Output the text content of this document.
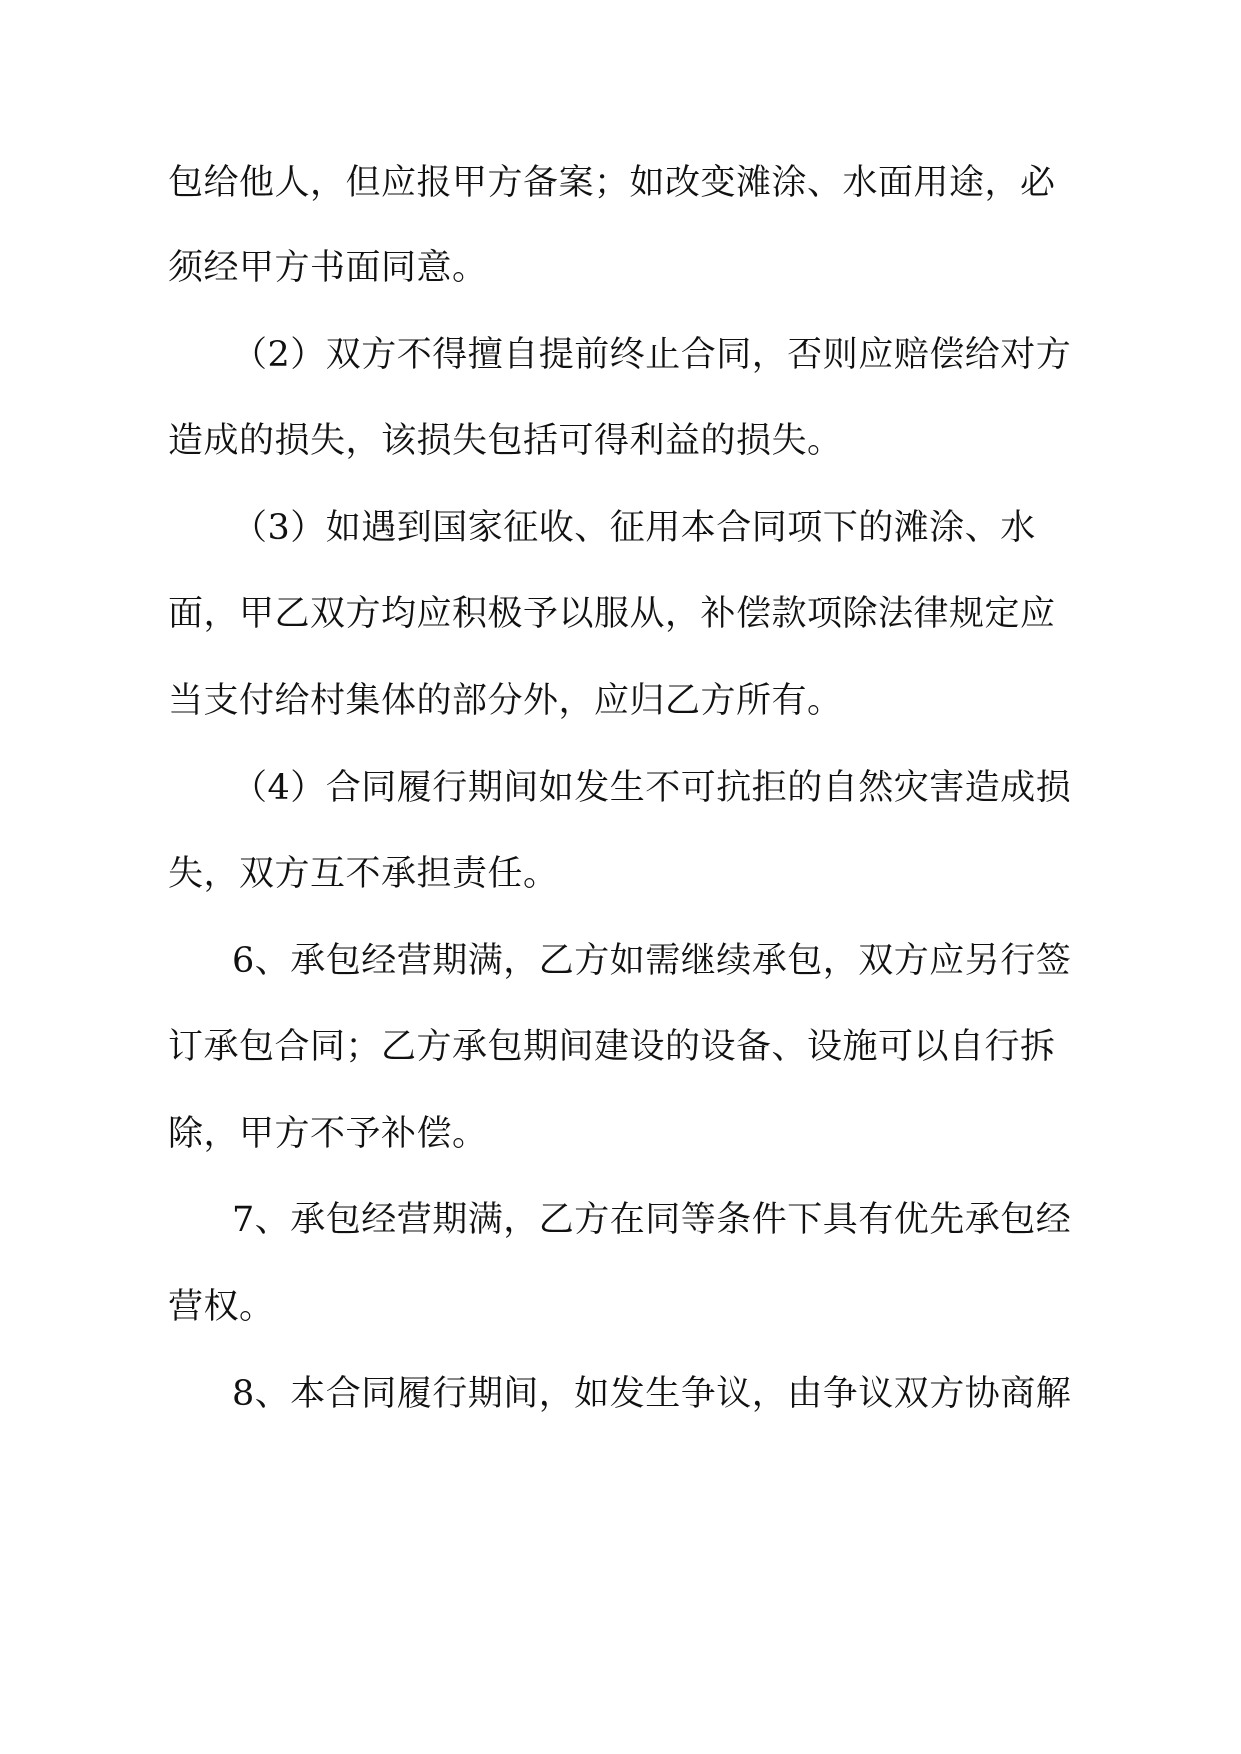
包给他人，但应报甲方备案；如改变滩涂、水面用途，必
须经甲方书面同意。
（2）双方不得擅自提前终止合同，否则应赔偿给对方
造成的损失，该损失包括可得利益的损失。
（3）如遇到国家征收、征用本合同项下的滩涂、水
面，甲乙双方均应积极予以服从，补偿款项除法律规定应
当支付给村集体的部分外，应归乙方所有。
（4）合同履行期间如发生不可抗拒的自然灾害造成损
失，双方互不承担责任。
6、承包经营期满，乙方如需继续承包，双方应另行签
订承包合同；乙方承包期间建设的设备、设施可以自行拆
除，甲方不予补偿。
7、承包经营期满，乙方在同等条件下具有优先承包经
营权。
8、本合同履行期间，如发生争议，由争议双方协商解
